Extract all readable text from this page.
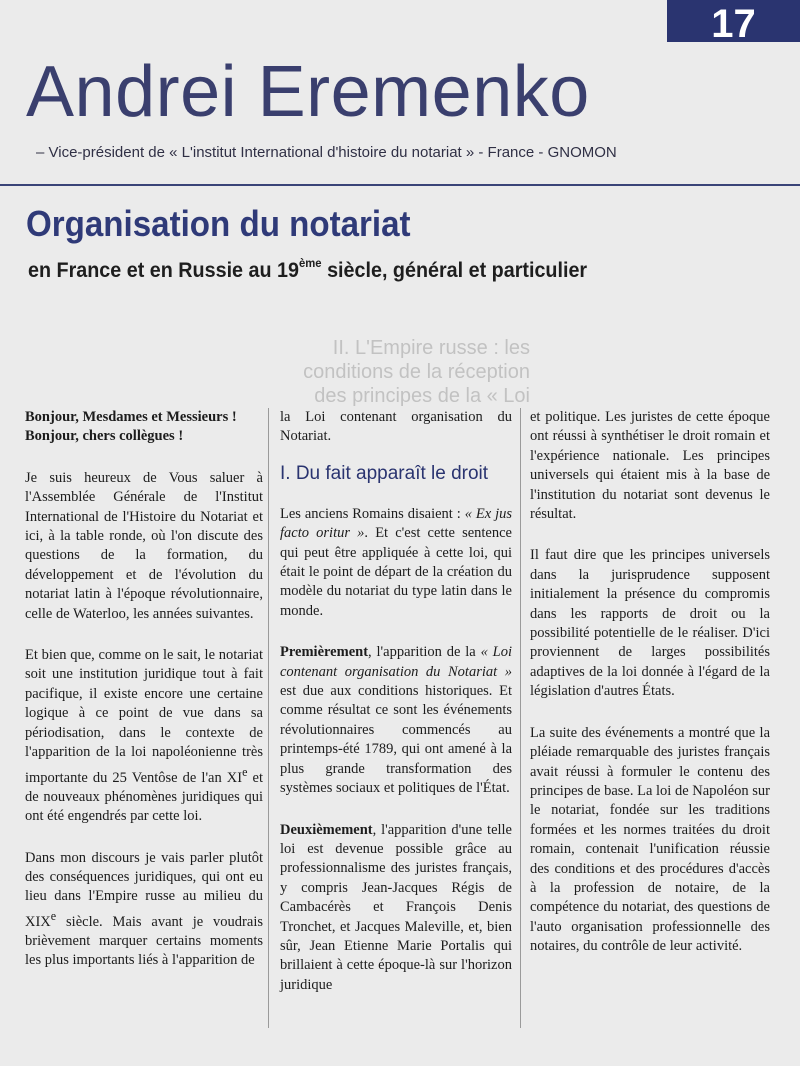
17
Andrei Eremenko
– Vice-président de « L'institut International d'histoire du notariat » - France - GNOMON
Organisation du notariat
en France et en Russie au 19ème siècle, général et particulier
II. L'Empire russe : les
conditions de la réception
des principes de la « Loi

Bonjour, Mesdames et Messieurs !
Bonjour, chers collègues !

Je suis heureux de Vous saluer à l'Assemblée Générale de l'Institut International de l'Histoire du Notariat et ici, à la table ronde, où l'on discute des questions de la formation, du développement et de l'évolution du notariat latin à l'époque révolutionnaire, celle de Waterloo, les années suivantes.

Et bien que, comme on le sait, le notariat soit une institution juridique tout à fait pacifique, il existe encore une certaine logique à ce point de vue dans sa périodisation, dans le contexte de l'apparition de la loi napoléonienne très importante du 25 Ventôse de l'an XIe et de nouveaux phénomènes juridiques qui ont été engendrés par cette loi.

Dans mon discours je vais parler plutôt des conséquences juridiques, qui ont eu lieu dans l'Empire russe au milieu du XIXe siècle. Mais avant je voudrais brièvement marquer certains moments les plus importants liés à l'apparition de

la Loi contenant organisation du Notariat.

I. Du fait apparaît le droit

Les anciens Romains disaient : « Ex jus facto oritur ». Et c'est cette sentence qui peut être appliquée à cette loi, qui était le point de départ de la création du modèle du notariat du type latin dans le monde.

Premièrement, l'apparition de la « Loi contenant organisation du Notariat » est due aux conditions historiques. Et comme résultat ce sont les événements révolutionnaires commencés au printemps-été 1789, qui ont amené à la plus grande transformation des systèmes sociaux et politiques de l'État.

Deuxièmement, l'apparition d'une telle loi est devenue possible grâce au professionnalisme des juristes français, y compris Jean-Jacques Régis de Cambacérès et François Denis Tronchet, et Jacques Maleville, et, bien sûr, Jean Etienne Marie Portalis qui brillaient à cette époque-là sur l'horizon juridique

et politique. Les juristes de cette époque ont réussi à synthétiser le droit romain et l'expérience nationale. Les principes universels qui étaient mis à la base de l'institution du notariat sont devenus le résultat.

Il faut dire que les principes universels dans la jurisprudence supposent initialement la présence du compromis dans les rapports de droit ou la possibilité potentielle de le réaliser. D'ici proviennent de larges possibilités adaptives de la loi donnée à l'égard de la législation d'autres États.

La suite des événements a montré que la pléiade remarquable des juristes français avait réussi à formuler le contenu des principes de base. La loi de Napoléon sur le notariat, fondée sur les traditions formées et les normes traitées du droit romain, contenait l'unification réussie des conditions et des procédures d'accès à la profession de notaire, de la compétence du notariat, des questions de l'auto organisation professionnelle des notaires, du contrôle de leur activité.
